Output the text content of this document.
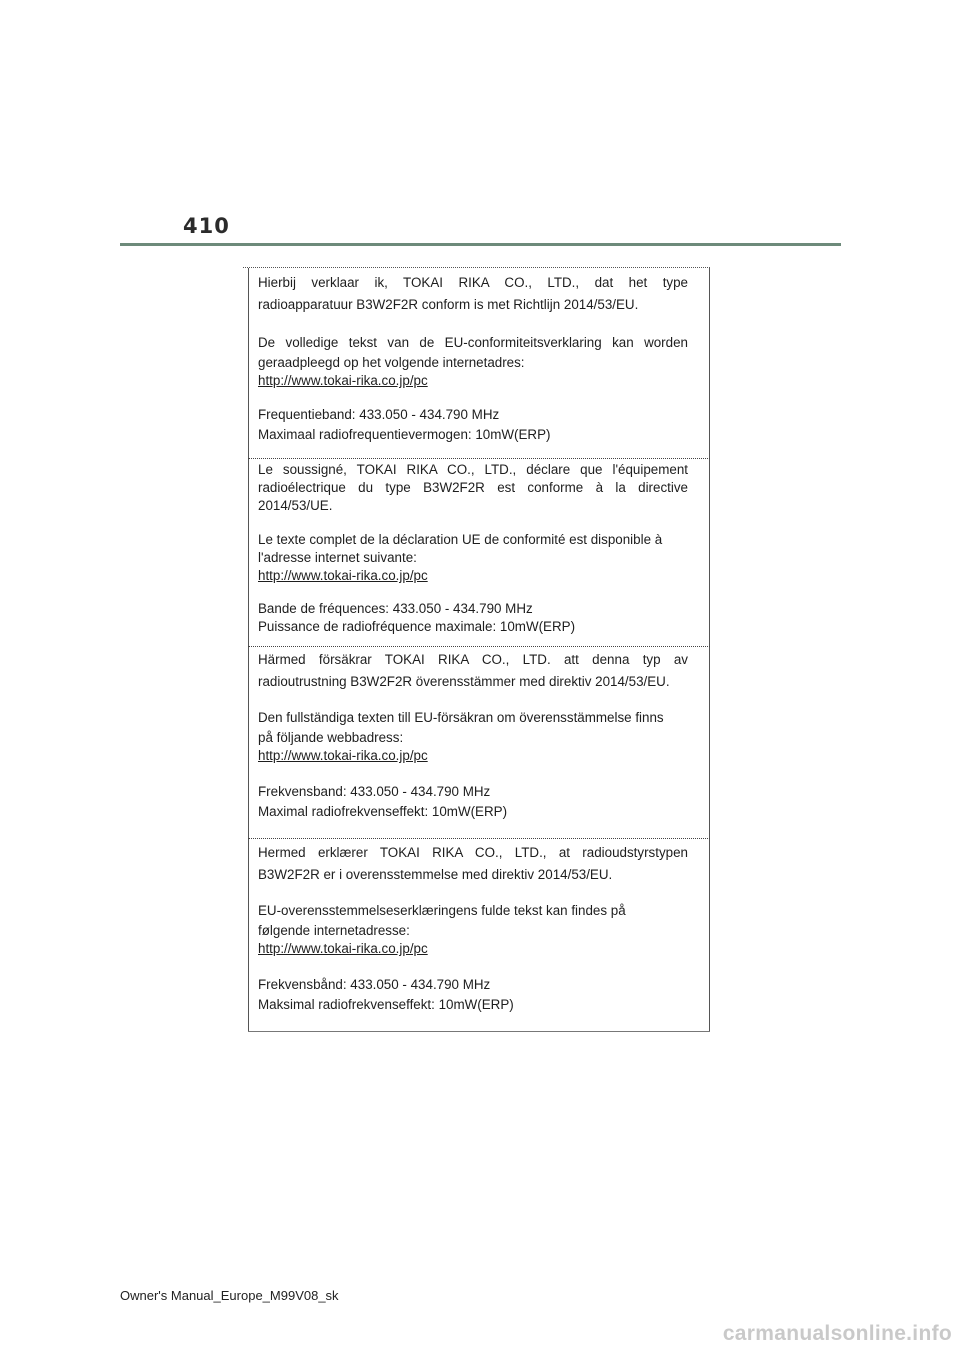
410

Hierbij verklaar ik, TOKAI RIKA CO., LTD., dat het type

radioapparatuur B3W2F2R conform is met Richtlijn 2014/53/EU.

De volledige tekst van de EU-conformiteitsverklaring kan worden

geraadpleegd op het volgende internetadres:

http://www.tokai-rika.co.jp/pc

Frequentieband: 433.050 - 434.790 MHz

Maximaal radiofrequentievermogen: 10mW(ERP)

Le soussigné, TOKAI RIKA CO., LTD., déclare que l'équipement

radioélectrique du type B3W2F2R est conforme à la directive

2014/53/UE.

Le texte complet de la déclaration UE de conformité est disponible à

l'adresse internet suivante:

http://www.tokai-rika.co.jp/pc

Bande de fréquences: 433.050 - 434.790 MHz

Puissance de radiofréquence maximale: 10mW(ERP)

Härmed försäkrar TOKAI RIKA CO., LTD. att denna typ av

radioutrustning B3W2F2R överensstämmer med direktiv 2014/53/EU.

Den fullständiga texten till EU-försäkran om överensstämmelse finns

på följande webbadress:

http://www.tokai-rika.co.jp/pc

Frekvensband: 433.050 - 434.790 MHz

Maximal radiofrekvenseffekt: 10mW(ERP)

Hermed erklærer TOKAI RIKA CO., LTD., at radioudstyrstypen

B3W2F2R er i overensstemmelse med direktiv 2014/53/EU.

EU-overensstemmelseserklæringens fulde tekst kan findes på

følgende internetadresse:

http://www.tokai-rika.co.jp/pc

Frekvensbånd: 433.050 - 434.790 MHz

Maksimal radiofrekvenseffekt: 10mW(ERP)

Owner's Manual_Europe_M99V08_sk
carmanualsonline.info
